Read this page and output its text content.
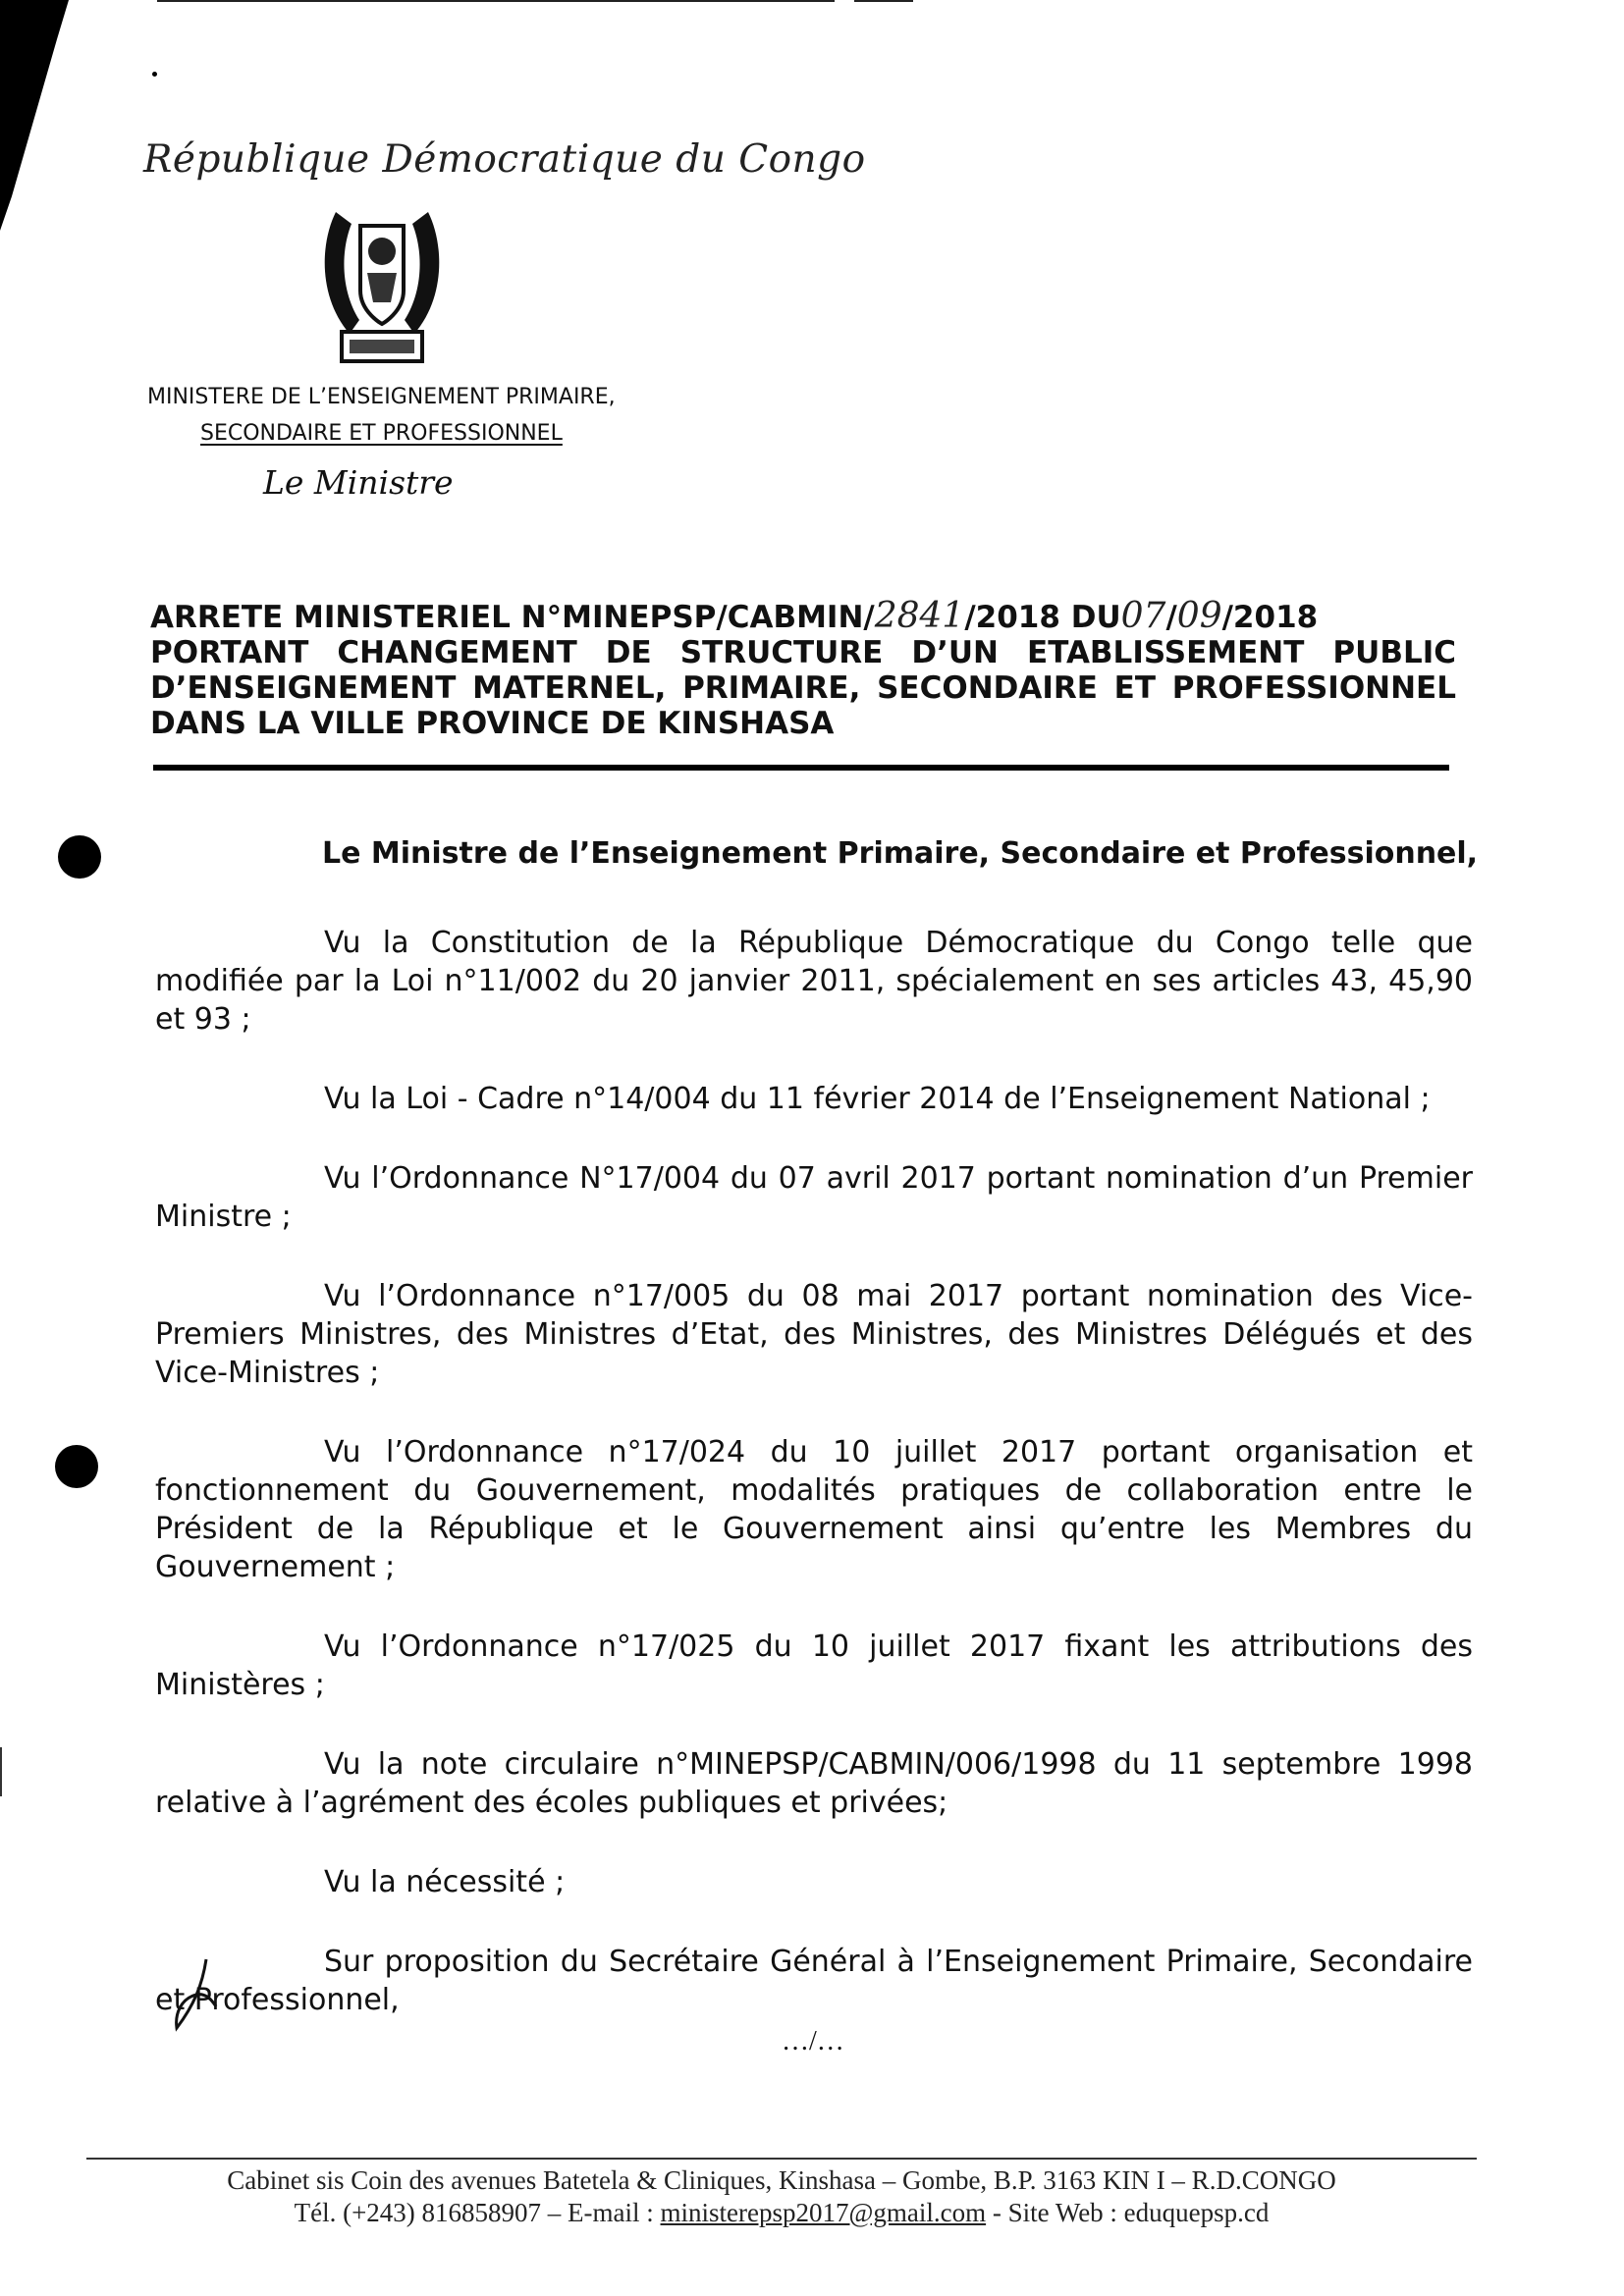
République Démocratique du Congo
MINISTERE DE L’ENSEIGNEMENT PRIMAIRE,
SECONDAIRE ET PROFESSIONNEL
Le Ministre
ARRETE MINISTERIEL N°MINEPSP/CABMIN/2841/2018 DU07/09/2018
PORTANT CHANGEMENT DE STRUCTURE D’UN ETABLISSEMENT PUBLIC
D’ENSEIGNEMENT MATERNEL, PRIMAIRE, SECONDAIRE ET PROFESSIONNEL
DANS LA VILLE PROVINCE DE KINSHASA

Le Ministre de l’Enseignement Primaire, Secondaire et Professionnel,

Vu la Constitution de la République Démocratique du Congo telle que modifiée par la Loi n°11/002 du 20 janvier 2011, spécialement en ses articles 43, 45,90 et 93 ;

Vu la Loi - Cadre n°14/004 du 11 février 2014 de l’Enseignement National ;

Vu l’Ordonnance N°17/004 du 07 avril 2017 portant nomination d’un Premier Ministre ;

Vu l’Ordonnance n°17/005 du 08 mai 2017 portant nomination des Vice-Premiers Ministres, des Ministres d’Etat, des Ministres, des Ministres Délégués et des Vice-Ministres ;

Vu l’Ordonnance n°17/024 du 10 juillet 2017 portant organisation et fonctionnement du Gouvernement, modalités pratiques de collaboration entre le Président de la République et le Gouvernement ainsi qu’entre les Membres du Gouvernement ;

Vu l’Ordonnance n°17/025 du 10 juillet 2017 fixant les attributions des Ministères ;

Vu la note circulaire n°MINEPSP/CABMIN/006/1998 du 11 septembre 1998 relative à l’agrément des écoles publiques et privées;

Vu la nécessité ;

Sur proposition du Secrétaire Général à l’Enseignement Primaire, Secondaire et Professionnel,

…/…
Cabinet sis Coin des avenues Batetela & Cliniques, Kinshasa – Gombe, B.P. 3163 KIN I – R.D.CONGO
Tél. (+243) 816858907 – E-mail : ministerepsp2017@gmail.com - Site Web : eduquepsp.cd
